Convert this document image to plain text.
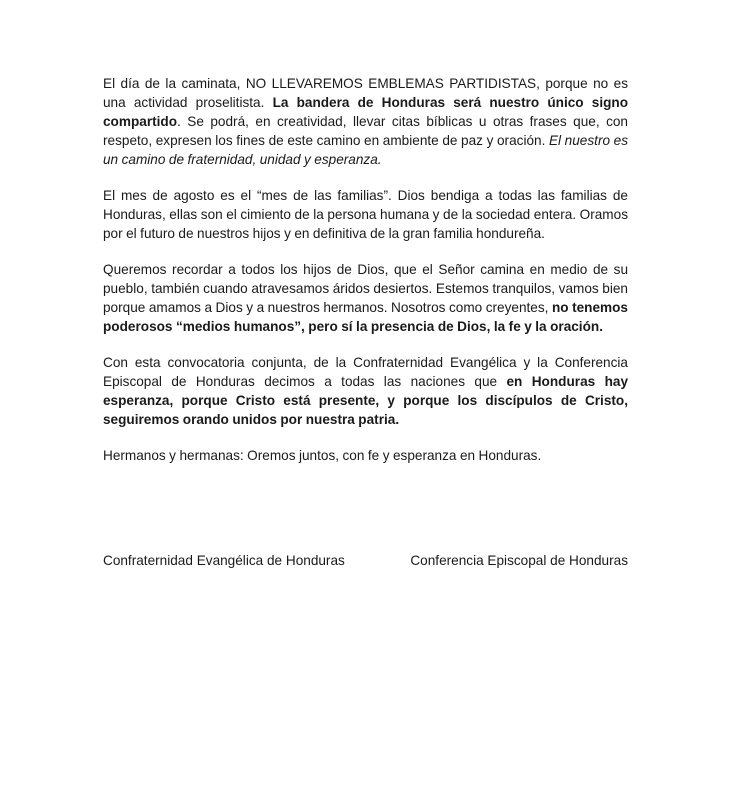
El día de la caminata, NO LLEVAREMOS EMBLEMAS PARTIDISTAS, porque no es una actividad proselitista. La bandera de Honduras será nuestro único signo compartido. Se podrá, en creatividad, llevar citas bíblicas u otras frases que, con respeto, expresen los fines de este camino en ambiente de paz y oración. El nuestro es un camino de fraternidad, unidad y esperanza.

El mes de agosto es el “mes de las familias”. Dios bendiga a todas las familias de Honduras, ellas son el cimiento de la persona humana y de la sociedad entera. Oramos por el futuro de nuestros hijos y en definitiva de la gran familia hondureña.

Queremos recordar a todos los hijos de Dios, que el Señor camina en medio de su pueblo, también cuando atravesamos áridos desiertos. Estemos tranquilos, vamos bien porque amamos a Dios y a nuestros hermanos. Nosotros como creyentes, no tenemos poderosos “medios humanos”, pero sí la presencia de Dios, la fe y la oración.

Con esta convocatoria conjunta, de la Confraternidad Evangélica y la Conferencia Episcopal de Honduras decimos a todas las naciones que en Honduras hay esperanza, porque Cristo está presente, y porque los discípulos de Cristo, seguiremos orando unidos por nuestra patria.

Hermanos y hermanas: Oremos juntos, con fe y esperanza en Honduras.

Confraternidad Evangélica de Honduras	Conferencia Episcopal de Honduras
